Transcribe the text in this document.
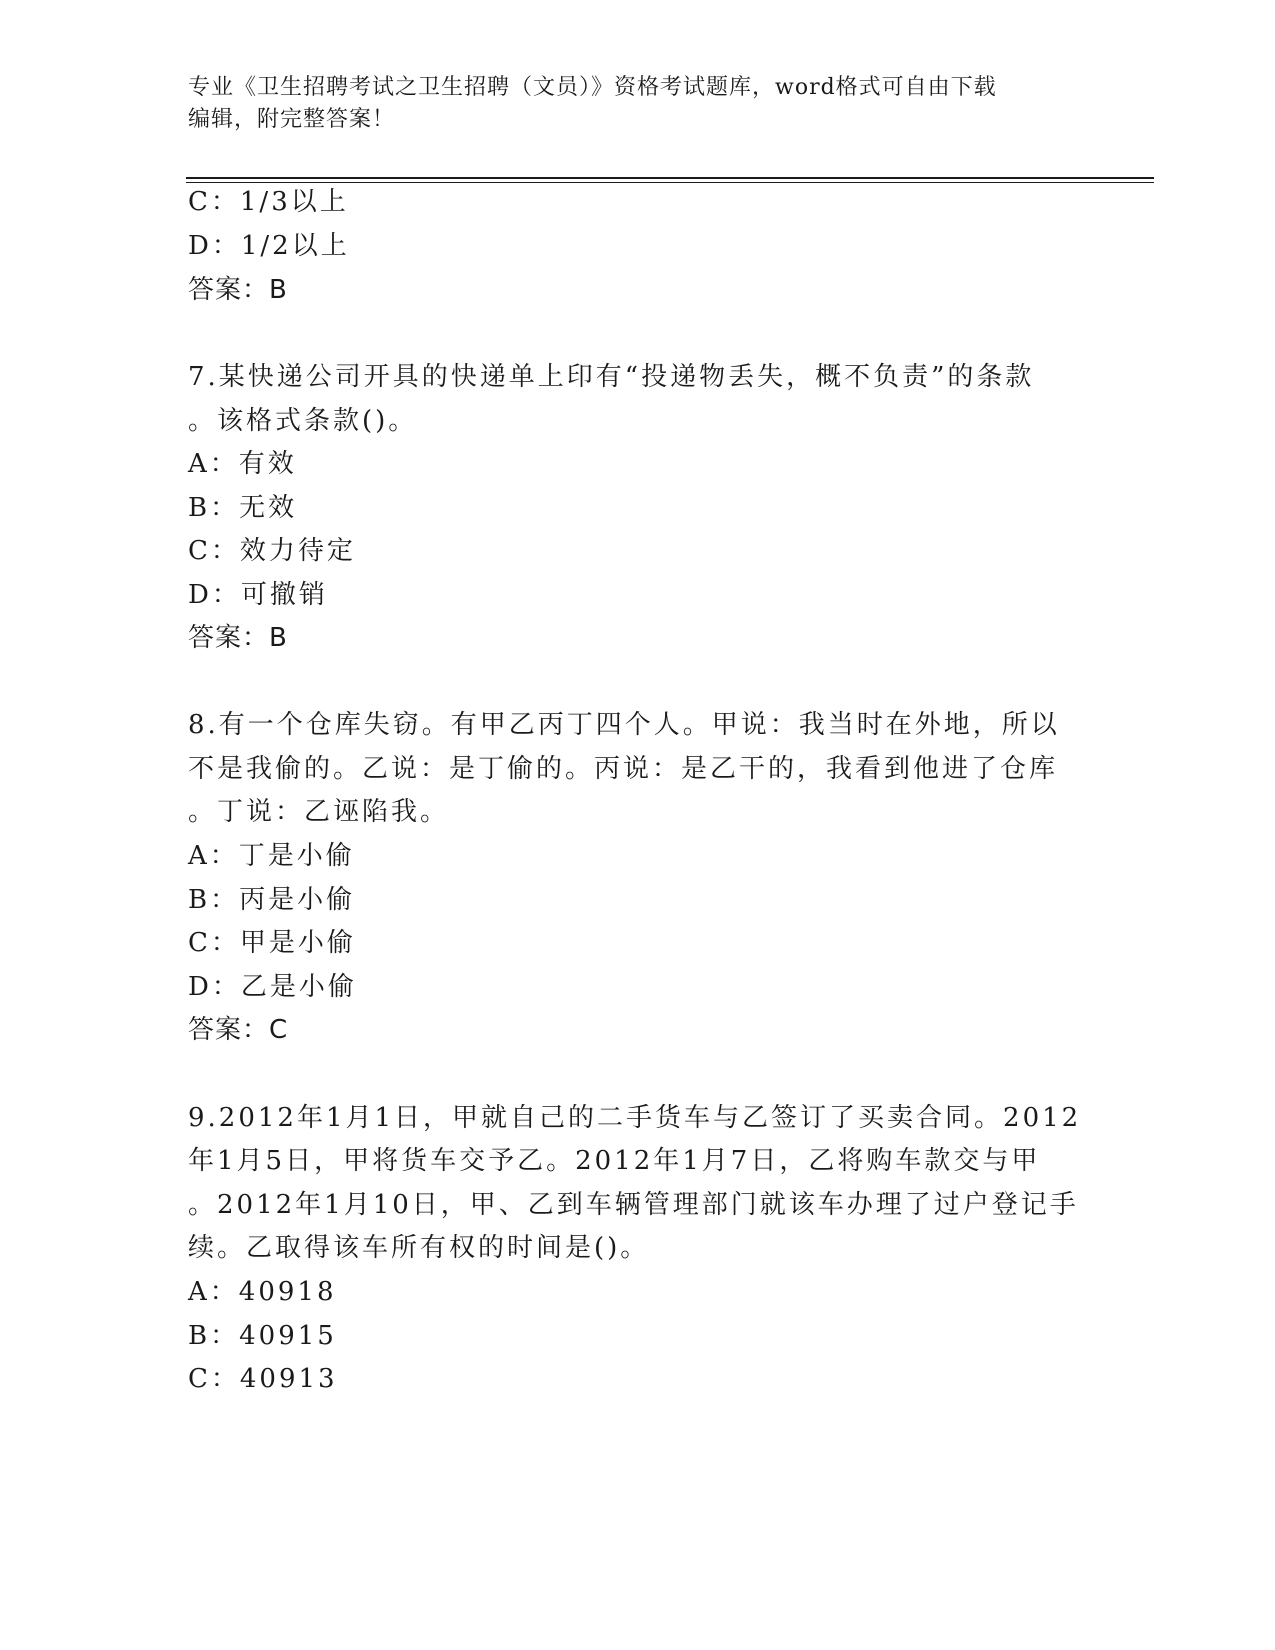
专业《卫生招聘考试之卫生招聘（文员）》资格考试题库，word格式可自由下载
编辑，附完整答案！
C：1/3以上
D：1/2以上
答案：B
7.某快递公司开具的快递单上印有“投递物丢失，概不负责”的条款
。该格式条款()。
A：有效
B：无效
C：效力待定
D：可撤销
答案：B
8.有一个仓库失窃。有甲乙丙丁四个人。甲说：我当时在外地，所以
不是我偷的。乙说：是丁偷的。丙说：是乙干的，我看到他进了仓库
。丁说：乙诬陷我。
A：丁是小偷
B：丙是小偷
C：甲是小偷
D：乙是小偷
答案：C
9.2012年1月1日，甲就自己的二手货车与乙签订了买卖合同。2012
年1月5日，甲将货车交予乙。2012年1月7日，乙将购车款交与甲
。2012年1月10日，甲、乙到车辆管理部门就该车办理了过户登记手
续。乙取得该车所有权的时间是()。
A：40918
B：40915
C：40913
